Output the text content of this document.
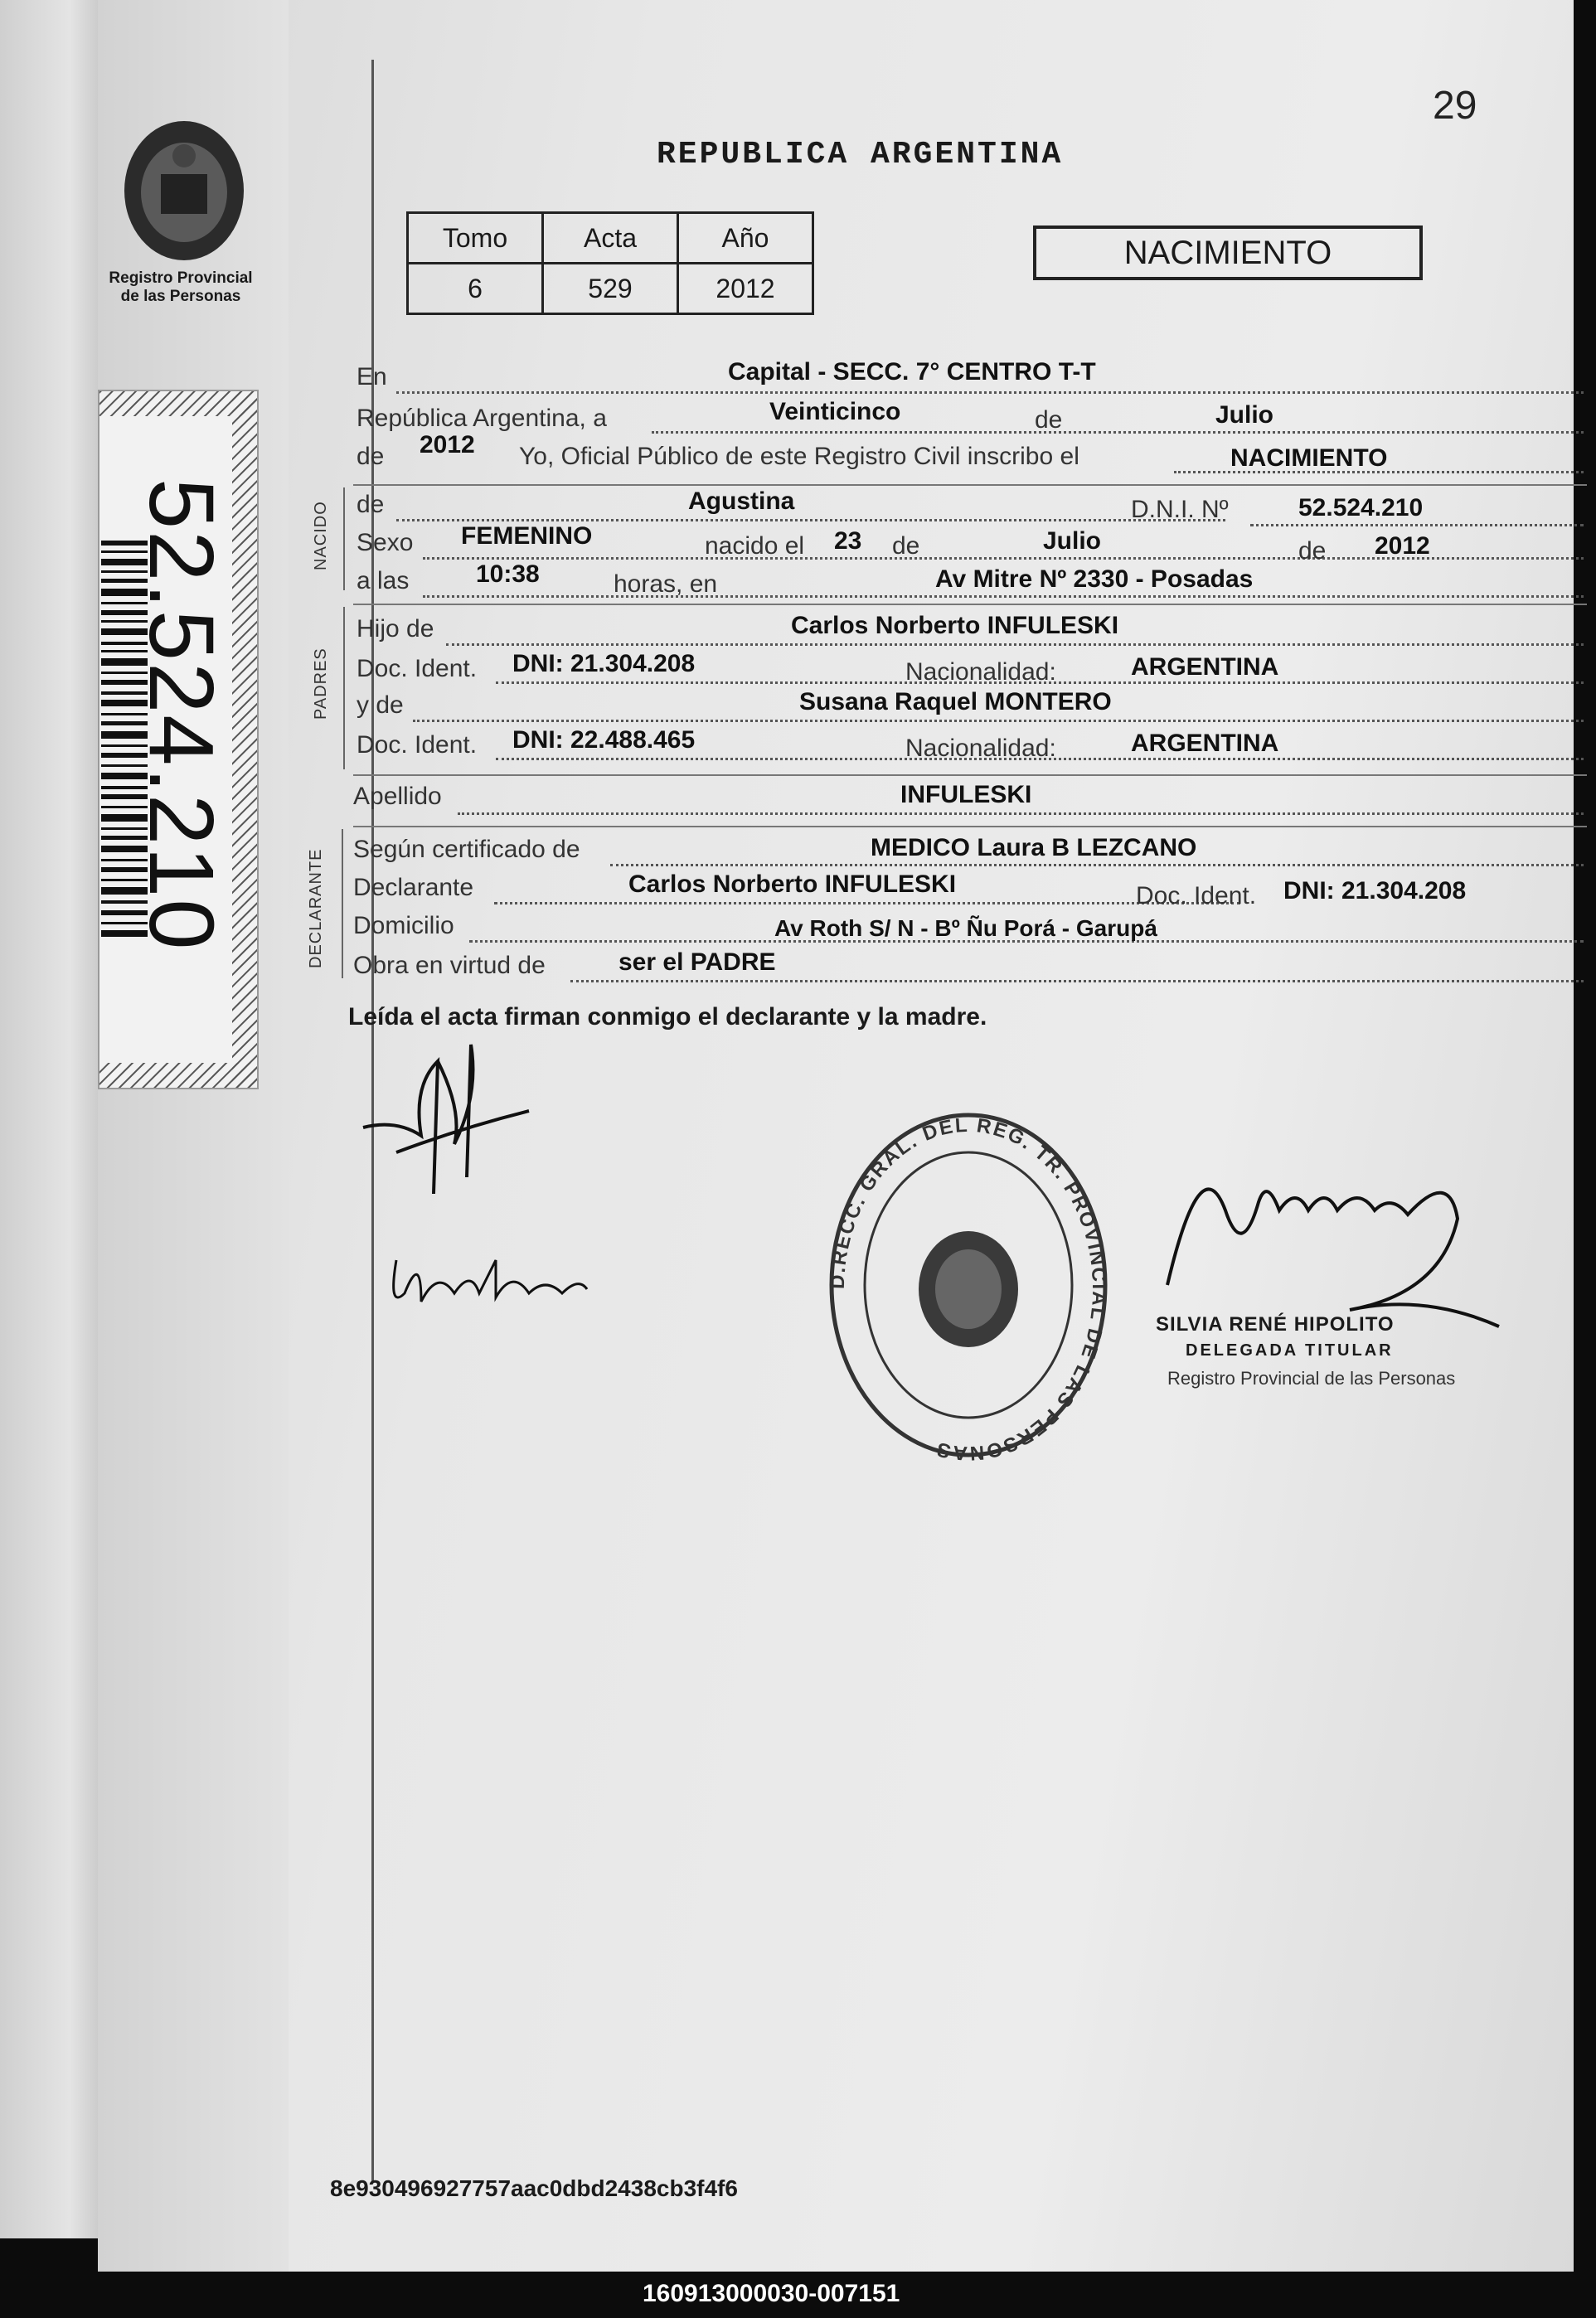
Registro Provincial
de las Personas
52.524.210
29
REPUBLICA ARGENTINA
Tomo	Acta	Año
6	529	2012
NACIMIENTO
En	Capital - SECC. 7° CENTRO T-T
República Argentina, a	Veinticinco	de	Julio
de 2012 Yo, Oficial Público de este Registro Civil inscribo el	NACIMIENTO
NACIDO de	Agustina	D.N.I. Nº	52.524.210
Sexo FEMENINO	nacido el 23 de	Julio	de 2012
a las	10:38	horas, en	Av Mitre Nº 2330 - Posadas
PADRES
Hijo de	Carlos Norberto INFULESKI
Doc. Ident. DNI: 21.304.208	Nacionalidad:	ARGENTINA
y de	Susana Raquel MONTERO
Doc. Ident. DNI: 22.488.465	Nacionalidad:	ARGENTINA
Apellido	INFULESKI
DECLARANTE Según certificado de	MEDICO Laura B LEZCANO
Declarante	Carlos Norberto INFULESKI	Doc. Ident. DNI: 21.304.208
Domicilio	Av Roth S/ N - Bº Ñu Porá - Garupá
Obra en virtud de	ser el PADRE
Leída el acta firman conmigo el declarante y la madre.
D.RECC. GRAL. DEL REG. TR. PROVINCIAL DE LAS PERSONAS
SILVIA RENÉ HIPOLITO
DELEGADA TITULAR
Registro Provincial de las Personas
8e930496927757aac0dbd2438cb3f4f6
160913000030-007151
